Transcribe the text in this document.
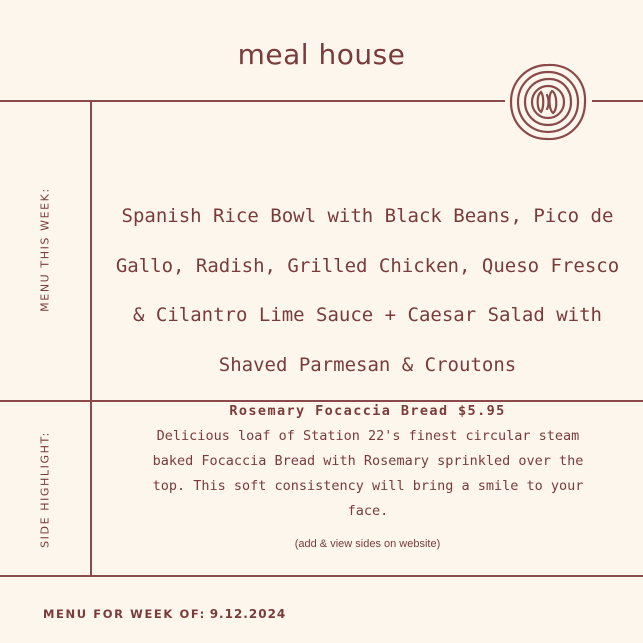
meal house
MENU THIS WEEK:
SIDE HIGHLIGHT:
Spanish Rice Bowl with Black Beans, Pico de
Gallo, Radish, Grilled Chicken, Queso Fresco
& Cilantro Lime Sauce + Caesar Salad with
Shaved Parmesan & Croutons
Rosemary Focaccia Bread $5.95
Delicious loaf of Station 22's finest circular steam
baked Focaccia Bread with Rosemary sprinkled over the
top. This soft consistency will bring a smile to your
face.
(add & view sides on website)
MENU FOR WEEK OF: 9.12.2024
